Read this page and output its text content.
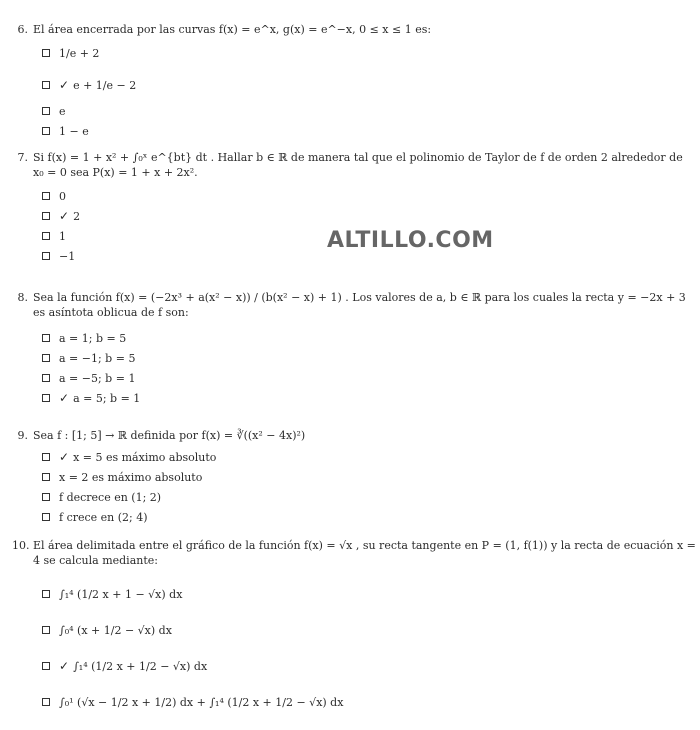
ALTILLO.COM
6. El área encerrada por las curvas f(x) = e^x, g(x) = e^−x, 0 ≤ x ≤ 1 es:
1/e + 2
✓ e + 1/e − 2
e
1 − e
7. Si f(x) = 1 + x² + ∫₀ˣ e^{bt} dt . Hallar b ∈ ℝ de manera tal que el polinomio de Taylor de f de orden 2 alrededor de x₀ = 0 sea P(x) = 1 + x + 2x².
0
✓ 2
1
−1
8. Sea la función f(x) = (−2x³ + a(x² − x)) / (b(x² − x) + 1) . Los valores de a, b ∈ ℝ para los cuales la recta y = −2x + 3 es asíntota oblicua de f son:
a = 1; b = 5
a = −1; b = 5
a = −5; b = 1
✓ a = 5; b = 1
9. Sea f : [1; 5] → ℝ definida por f(x) = ∛((x² − 4x)²)
✓ x = 5 es máximo absoluto
x = 2 es máximo absoluto
f decrece en (1; 2)
f crece en (2; 4)
10. El área delimitada entre el gráfico de la función f(x) = √x , su recta tangente en P = (1, f(1)) y la recta de ecuación x = 4 se calcula mediante:
∫₁⁴ (1/2 x + 1 − √x) dx
∫₀⁴ (x + 1/2 − √x) dx
✓ ∫₁⁴ (1/2 x + 1/2 − √x) dx
∫₀¹ (√x − 1/2 x + 1/2) dx + ∫₁⁴ (1/2 x + 1/2 − √x) dx
